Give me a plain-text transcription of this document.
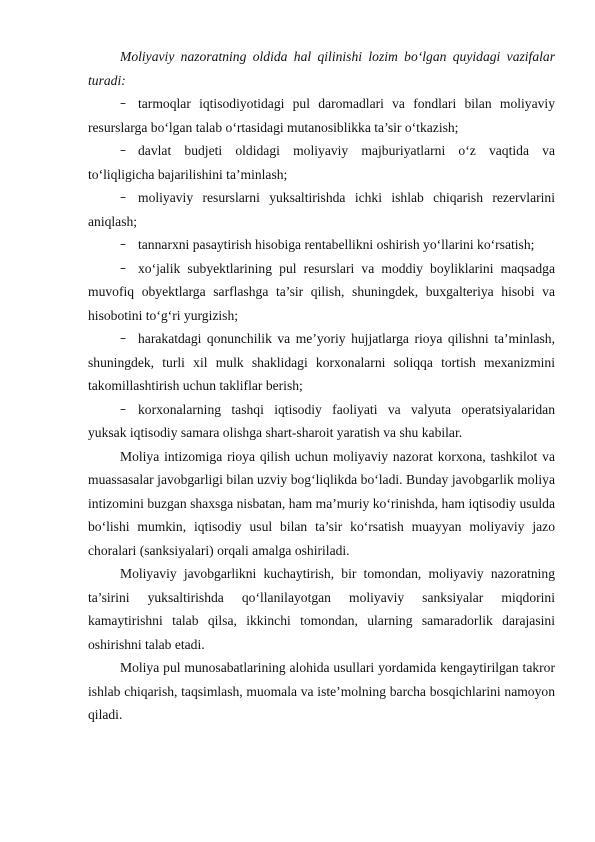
Moliyaviy nazoratning oldida hal qilinishi lozim bo‘lgan quyidagi vazifalar turadi:

– tarmoqlar iqtisodiyotidagi pul daromadlari va fondlari bilan moliyaviy resurslarga bo‘lgan talab o‘rtasidagi mutanosiblikka ta’sir o‘tkazish;

– davlat budjeti oldidagi moliyaviy majburiyatlarni o‘z vaqtida va to‘liqligicha bajarilishini ta’minlash;

– moliyaviy resurslarni yuksaltirishda ichki ishlab chiqarish rezervlarini aniqlash;

– tannarxni pasaytirish hisobiga rentabellikni oshirish yo‘llarini ko‘rsatish;

– xo‘jalik subyektlarining pul resurslari va moddiy boyliklarini maqsadga muvofiq obyektlarga sarflashga ta’sir qilish, shuningdek, buxgalteriya hisobi va hisobotini to‘g‘ri yurgizish;

– harakatdagi qonunchilik va me’yoriy hujjatlarga rioya qilishni ta’minlash, shuningdek, turli xil mulk shaklidagi korxonalarni soliqqa tortish mexanizmini takomillashtirish uchun takliflar berish;

– korxonalarning tashqi iqtisodiy faoliyati va valyuta operatsiyalaridan yuksak iqtisodiy samara olishga shart-sharoit yaratish va shu kabilar.

Moliya intizomiga rioya qilish uchun moliyaviy nazorat korxona, tashkilot va muassasalar javobgarligi bilan uzviy bog‘liqlikda bo‘ladi. Bunday javobgarlik moliya intizomini buzgan shaxsga nisbatan, ham ma’muriy ko‘rinishda, ham iqtisodiy usulda bo‘lishi mumkin, iqtisodiy usul bilan ta’sir ko‘rsatish muayyan moliyaviy jazo choralari (sanksiyalari) orqali amalga oshiriladi.

Moliyaviy javobgarlikni kuchaytirish, bir tomondan, moliyaviy nazoratning ta’sirini yuksaltirishda qo‘llanilayotgan moliyaviy sanksiyalar miqdorini kamaytirishni talab qilsa, ikkinchi tomondan, ularning samaradorlik darajasini oshirishni talab etadi.

Moliya pul munosabatlarining alohida usullari yordamida kengaytirilgan takror ishlab chiqarish, taqsimlash, muomala va iste’molning barcha bosqichlarini namoyon qiladi.
